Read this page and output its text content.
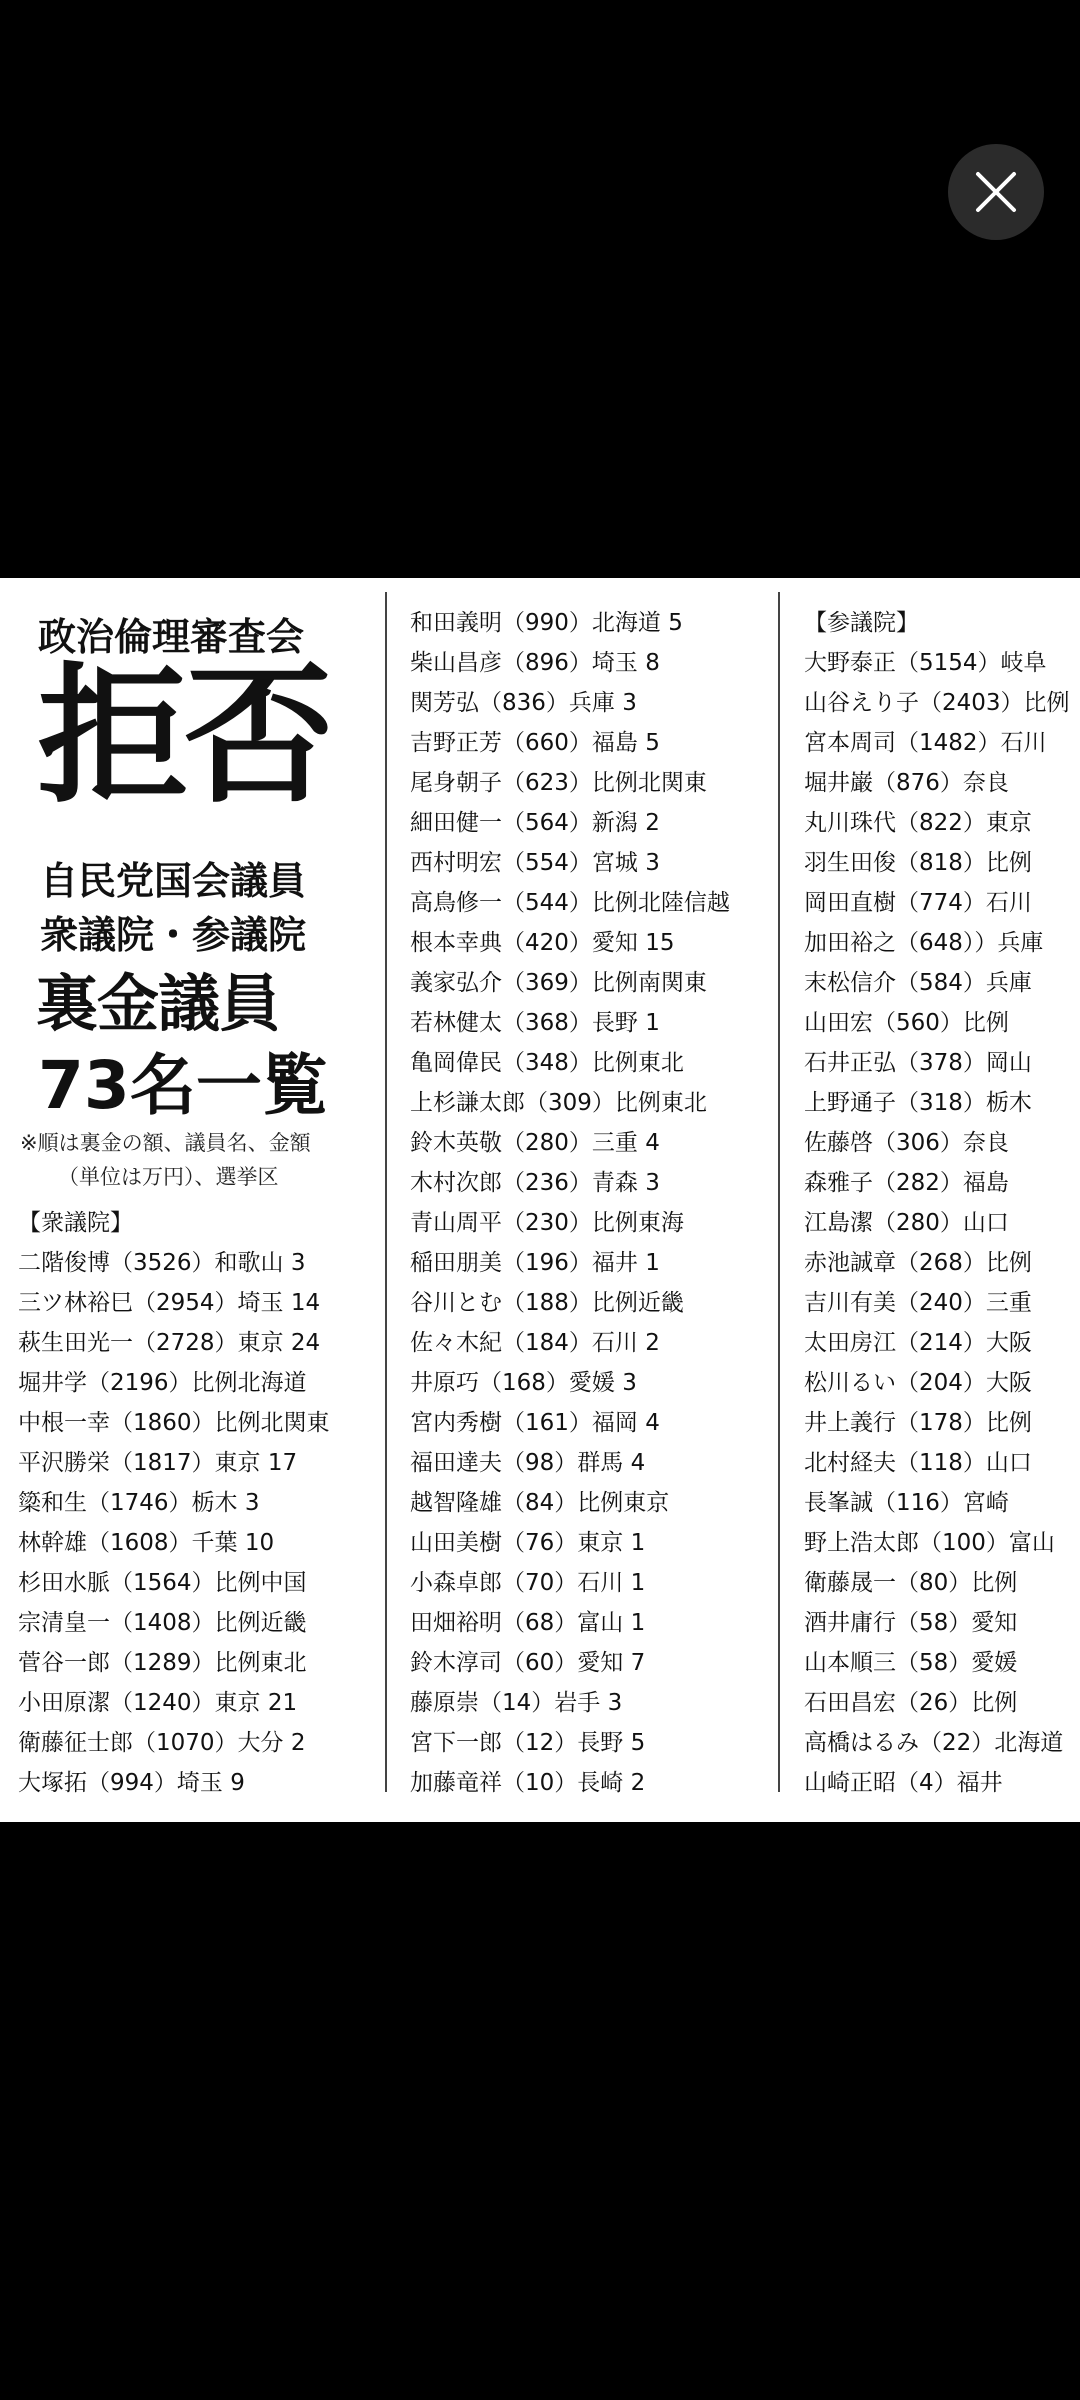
政治倫理審査会
拒否
自民党国会議員
衆議院・参議院
裏金議員
73名一覧
※順は裏金の額、議員名、金額
（単位は万円）、選挙区
【衆議院】
二階俊博（3526）和歌山 3
三ツ林裕巳（2954）埼玉 14
萩生田光一（2728）東京 24
堀井学（2196）比例北海道
中根一幸（1860）比例北関東
平沢勝栄（1817）東京 17
簗和生（1746）栃木 3
林幹雄（1608）千葉 10
杉田水脈（1564）比例中国
宗清皇一（1408）比例近畿
菅谷一郎（1289）比例東北
小田原潔（1240）東京 21
衛藤征士郎（1070）大分 2
大塚拓（994）埼玉 9
和田義明（990）北海道 5
柴山昌彦（896）埼玉 8
関芳弘（836）兵庫 3
吉野正芳（660）福島 5
尾身朝子（623）比例北関東
細田健一（564）新潟 2
西村明宏（554）宮城 3
高鳥修一（544）比例北陸信越
根本幸典（420）愛知 15
義家弘介（369）比例南関東
若林健太（368）長野 1
亀岡偉民（348）比例東北
上杉謙太郎（309）比例東北
鈴木英敬（280）三重 4
木村次郎（236）青森 3
青山周平（230）比例東海
稲田朋美（196）福井 1
谷川とむ（188）比例近畿
佐々木紀（184）石川 2
井原巧（168）愛媛 3
宮内秀樹（161）福岡 4
福田達夫（98）群馬 4
越智隆雄（84）比例東京
山田美樹（76）東京 1
小森卓郎（70）石川 1
田畑裕明（68）富山 1
鈴木淳司（60）愛知 7
藤原崇（14）岩手 3
宮下一郎（12）長野 5
加藤竜祥（10）長崎 2
【参議院】
大野泰正（5154）岐阜
山谷えり子（2403）比例
宮本周司（1482）石川
堀井巌（876）奈良
丸川珠代（822）東京
羽生田俊（818）比例
岡田直樹（774）石川
加田裕之（648））兵庫
末松信介（584）兵庫
山田宏（560）比例
石井正弘（378）岡山
上野通子（318）栃木
佐藤啓（306）奈良
森雅子（282）福島
江島潔（280）山口
赤池誠章（268）比例
吉川有美（240）三重
太田房江（214）大阪
松川るい（204）大阪
井上義行（178）比例
北村経夫（118）山口
長峯誠（116）宮崎
野上浩太郎（100）富山
衛藤晟一（80）比例
酒井庸行（58）愛知
山本順三（58）愛媛
石田昌宏（26）比例
高橋はるみ（22）北海道
山崎正昭（4）福井
